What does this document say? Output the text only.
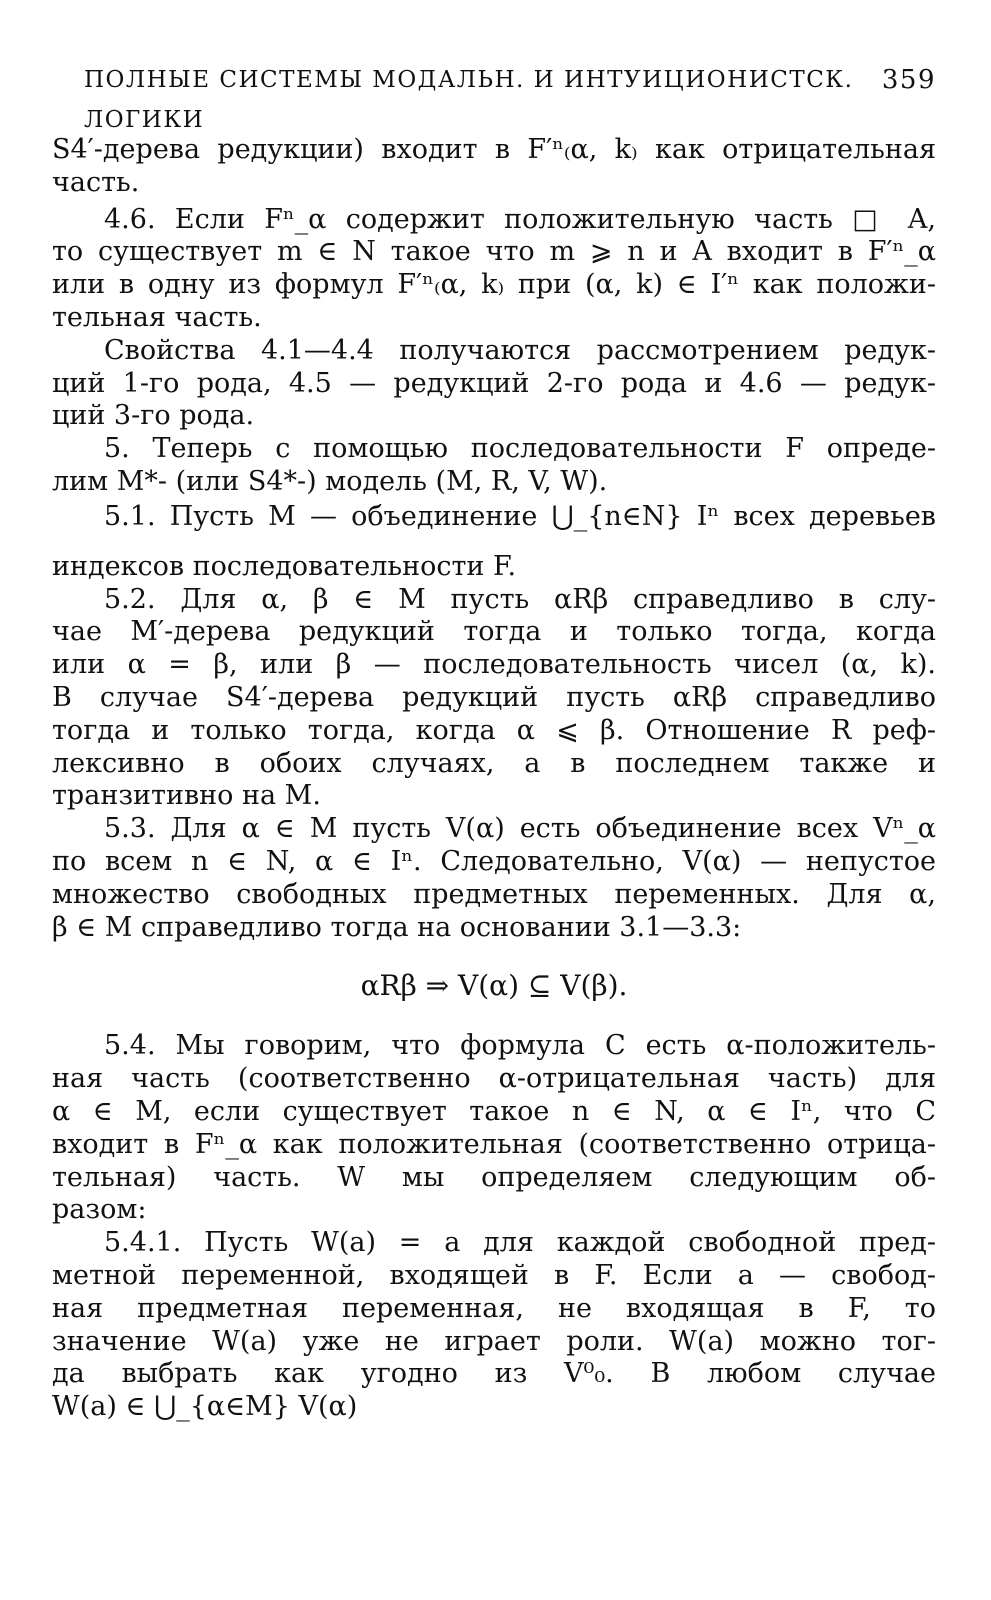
ПОЛНЫЕ СИСТЕМЫ МОДАЛЬН. И ИНТУИЦИОНИСТСК. ЛОГИКИ
359
S4′-дерева редукции) входит в F′ⁿ₍α, k₎ как отрицательная
часть.
4.6. Если Fⁿ_α содержит положительную часть □ A,
то существует m ∈ N такое что m ⩾ n и A входит в F′ⁿ_α
или в одну из формул F′ⁿ₍α, k₎ при (α, k) ∈ I′ⁿ как положи-
тельная часть.
Свойства 4.1—4.4 получаются рассмотрением редук-
ций 1-го рода, 4.5 — редукций 2-го рода и 4.6 — редук-
ций 3-го рода.
5. Теперь с помощью последовательности F опреде-
лим M*- (или S4*-) модель (M, R, V, W).
5.1. Пусть M — объединение ⋃_{n∈N} Iⁿ всех деревьев
индексов последовательности F.
5.2. Для α, β ∈ M пусть αRβ справедливо в слу-
чае M′-дерева редукций тогда и только тогда, когда
или α = β, или β — последовательность чисел (α, k).
В случае S4′-дерева редукций пусть αRβ справедливо
тогда и только тогда, когда α ⩽ β. Отношение R реф-
лексивно в обоих случаях, а в последнем также и
транзитивно на M.
5.3. Для α ∈ M пусть V(α) есть объединение всех Vⁿ_α
по всем n ∈ N, α ∈ Iⁿ. Следовательно, V(α) — непустое
множество свободных предметных переменных. Для α,
β ∈ M справедливо тогда на основании 3.1—3.3:
αRβ ⇒ V(α) ⊆ V(β).
5.4. Мы говорим, что формула C есть α-положитель-
ная часть (соответственно α-отрицательная часть) для
α ∈ M, если существует такое n ∈ N, α ∈ Iⁿ, что C
входит в Fⁿ_α как положительная (соответственно отрица-
тельная) часть. W мы определяем следующим об-
разом:
5.4.1. Пусть W(a) = a для каждой свободной пред-
метной переменной, входящей в F. Если a — свобод-
ная предметная переменная, не входящая в F, то
значение W(a) уже не играет роли. W(a) можно тог-
да выбрать как угодно из V⁰₀. В любом случае
W(a) ∈ ⋃_{α∈M} V(α)
